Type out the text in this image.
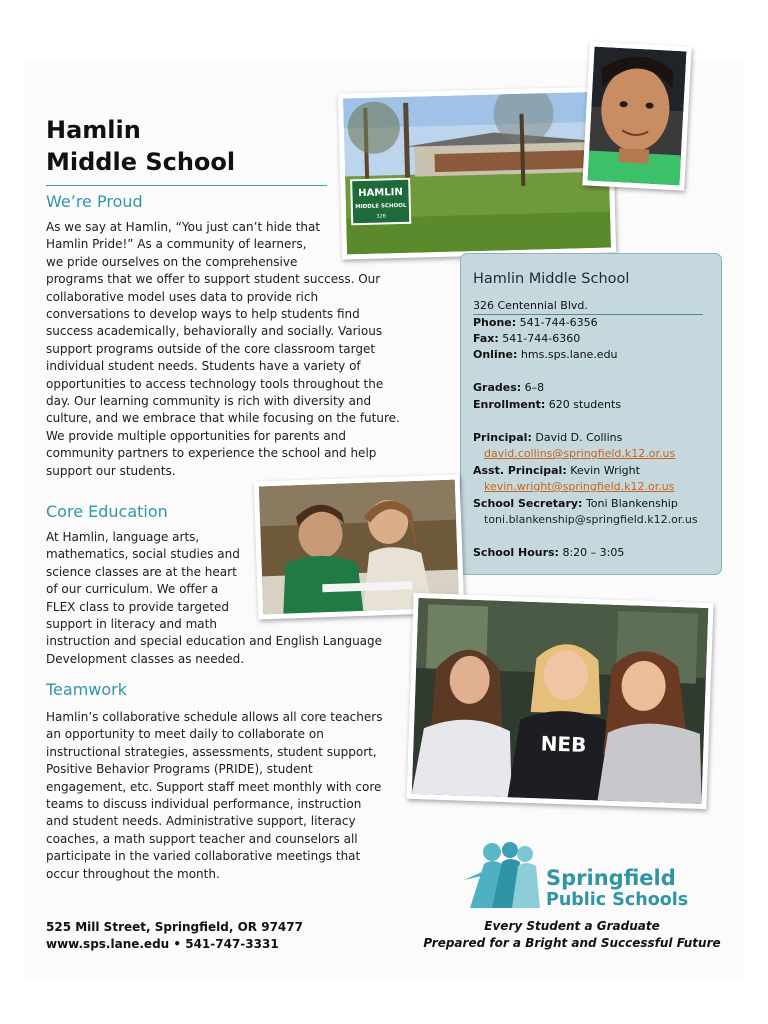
Hamlin
Middle School
We’re Proud
As we say at Hamlin, “You just can’t hide that
Hamlin Pride!” As a community of learners,
we pride ourselves on the comprehensive
programs that we offer to support student success. Our
collaborative model uses data to provide rich
conversations to develop ways to help students find
success academically, behaviorally and socially. Various
support programs outside of the core classroom target
individual student needs. Students have a variety of
opportunities to access technology tools throughout the
day. Our learning community is rich with diversity and
culture, and we embrace that while focusing on the future.
We provide multiple opportunities for parents and
community partners to experience the school and help
support our students.
Core Education
At Hamlin, language arts,
mathematics, social studies and
science classes are at the heart
of our curriculum. We offer a
FLEX class to provide targeted
support in literacy and math
instruction and special education and English Language
Development classes as needed.
Teamwork
Hamlin’s collaborative schedule allows all core teachers
an opportunity to meet daily to collaborate on
instructional strategies, assessments, student support,
Positive Behavior Programs (PRIDE), student
engagement, etc. Support staff meet monthly with core
teams to discuss individual performance, instruction
and student needs. Administrative support, literacy
coaches, a math support teacher and counselors all
participate in the varied collaborative meetings that
occur throughout the month.
HAMLIN
MIDDLE SCHOOL
326
Hamlin Middle School
326 Centennial Blvd.
Phone: 541-744-6356
Fax: 541-744-6360
Online: hms.sps.lane.edu
Grades: 6–8
Enrollment: 620 students
Principal: David D. Collins
david.collins@springfield.k12.or.us
Asst. Principal: Kevin Wright
kevin.wright@springfield.k12.or.us
School Secretary: Toni Blankenship
toni.blankenship@springfield.k12.or.us
School Hours: 8:20 – 3:05
NEB
525 Mill Street, Springfield, OR 97477
www.sps.lane.edu • 541-747-3331
Springfield
Public Schools
Every Student a Graduate
Prepared for a Bright and Successful Future
